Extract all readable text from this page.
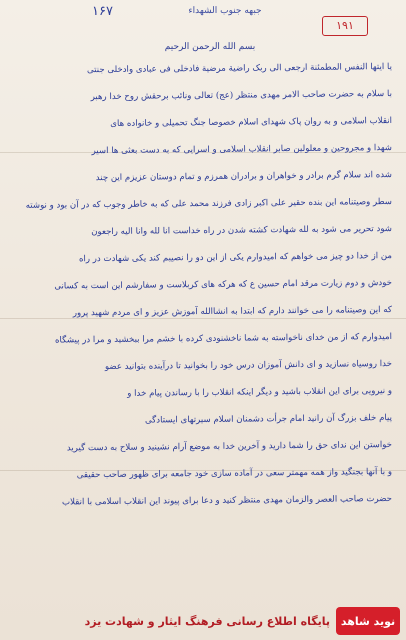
جبهه جنوب الشهداء
۱۶۷
۱۹۱
بسم الله الرحمن الرحیم
یا ایتها النفس المطمئنة ارجعی الی ربک راضیة مرضیة فادخلی فی عبادی وادخلی جنتی
با سلام به حضرت صاحب الامر مهدی منتظر (عج) تعالی ونائب برحقش روح خدا رهبر
انقلاب اسلامی و به روان پاک شهدای اسلام خصوصا جنگ تحمیلی و خانواده های
شهدا و مجروحین و معلولین صابر انقلاب اسلامی و اسرایی که به دست بعثی ها اسیر
شده اند سلام گرم برادر و خواهران و برادران همرزم و تمام دوستان عزیزم این چند
سطر وصیتنامه این بنده حقیر علی اکبر زادی فرزند محمد علی که به خاطر وجوب که در آن بود و نوشته
شود تحریر می شود به لله شهادت کشته شدن در راه خداست انا لله وانا الیه راجعون
من از خدا دو چیز می خواهم که امیدوارم یکی از این دو را نصیبم کند یکی شهادت در راه
خودش و دوم زیارت مرقد امام حسین ع که هرکه های کربلاست و سفارشم این است به کسانی
که این وصیتنامه را می خوانند دارم که ابتدا به انشاالله آموزش عزیز و ای مردم شهید پرور
امیدوارم که از من خدای ناخواسته به شما ناخشنودی کرده با خشم مرا ببخشید و مرا در پیشگاه
خدا روسیاه نسازید و ای دانش آموزان درس خود را بخوانید تا درآینده بتوانید عضو
و نیرویی برای این انقلاب باشید و دیگر اینکه انقلاب را با رساندن پیام خدا و
پیام خلف بزرگ آن رانید امام جرأت دشمنان اسلام سیرتهای ایستادگی
خواستن این ندای حق را شما دارید و آخرین خدا به موضع آرام نشینید و سلاح به دست گیرید
و با آنها بجنگید واز همه مهمتر سعی در آماده سازی خود جامعه برای ظهور صاحب حقیقی
حضرت صاحب العصر والزمان مهدی منتظر کنید و دعا برای پیوند این انقلاب اسلامی با انقلاب
نوید شاهد
پایگاه اطلاع رسانی فرهنگ ایثار و شهادت یزد
